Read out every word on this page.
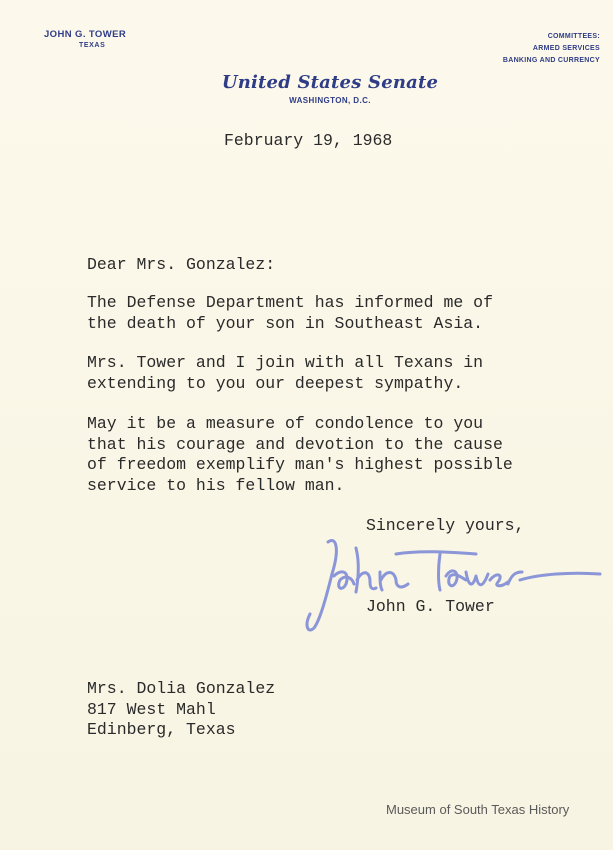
JOHN G. TOWER
TEXAS
COMMITTEES:
ARMED SERVICES
BANKING AND CURRENCY
United States Senate
WASHINGTON, D.C.
February 19, 1968
Dear Mrs. Gonzalez:
The Defense Department has informed me of
the death of your son in Southeast Asia.
Mrs. Tower and I join with all Texans in
extending to you our deepest sympathy.
May it be a measure of condolence to you
that his courage and devotion to the cause
of freedom exemplify man's highest possible
service to his fellow man.
Sincerely yours,
John G. Tower
Mrs. Dolia Gonzalez
817 West Mahl
Edinberg, Texas
Museum of South Texas History
